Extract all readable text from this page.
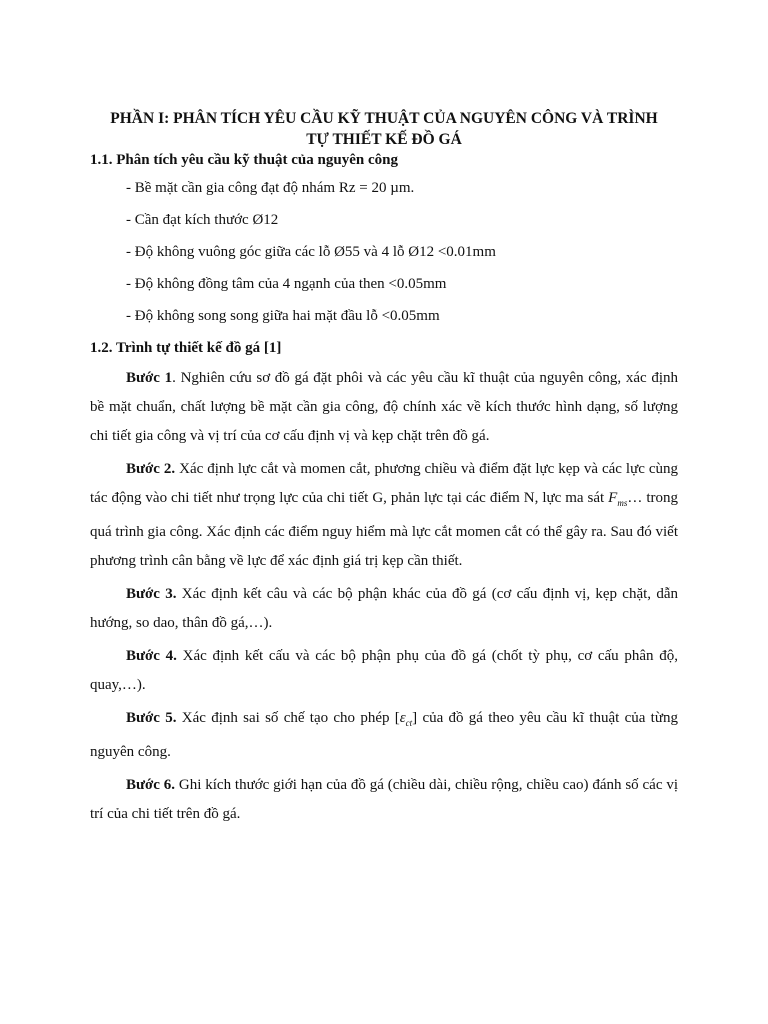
PHẦN I: PHÂN TÍCH YÊU CẦU KỸ THUẬT CỦA NGUYÊN CÔNG VÀ TRÌNH
TỰ THIẾT KẾ ĐỒ GÁ
1.1. Phân tích yêu cầu kỹ thuật của nguyên công
- Bề mặt cần gia công đạt độ nhám Rz = 20 µm.
- Cần đạt kích thước Ø12
- Độ không vuông góc giữa các lỗ Ø55 và 4 lỗ Ø12 <0.01mm
- Độ không đồng tâm của 4 ngạnh của then <0.05mm
- Độ không song song giữa hai mặt đầu lỗ <0.05mm
1.2. Trình tự thiết kế đồ gá [1]

Bước 1. Nghiên cứu sơ đồ gá đặt phôi và các yêu cầu kĩ thuật của nguyên công, xác định bề mặt chuẩn, chất lượng bề mặt cần gia công, độ chính xác về kích thước hình dạng, số lượng chi tiết gia công và vị trí của cơ cấu định vị và kẹp chặt trên đồ gá.

Bước 2. Xác định lực cắt và momen cắt, phương chiều và điểm đặt lực kẹp và các lực cùng tác động vào chi tiết như trọng lực của chi tiết G, phản lực tại các điểm N, lực ma sát $F_{ms}\dots$ trong quá trình gia công. Xác định các điểm nguy hiểm mà lực cắt momen cắt có thể gây ra. Sau đó viết phương trình cân bằng về lực để xác định giá trị kẹp cần thiết.

Bước 3. Xác định kết câu và các bộ phận khác của đồ gá (cơ cấu định vị, kẹp chặt, dẫn hướng, so dao, thân đồ gá,…).

Bước 4. Xác định kết cấu và các bộ phận phụ của đồ gá (chốt tỳ phụ, cơ cấu phân độ, quay,…).

Bước 5. Xác định sai số chế tạo cho phép $[\varepsilon_{ct}]$ của đồ gá theo yêu cầu kĩ thuật của từng nguyên công.

Bước 6. Ghi kích thước giới hạn của đồ gá (chiều dài, chiều rộng, chiều cao) đánh số các vị trí của chi tiết trên đồ gá.
